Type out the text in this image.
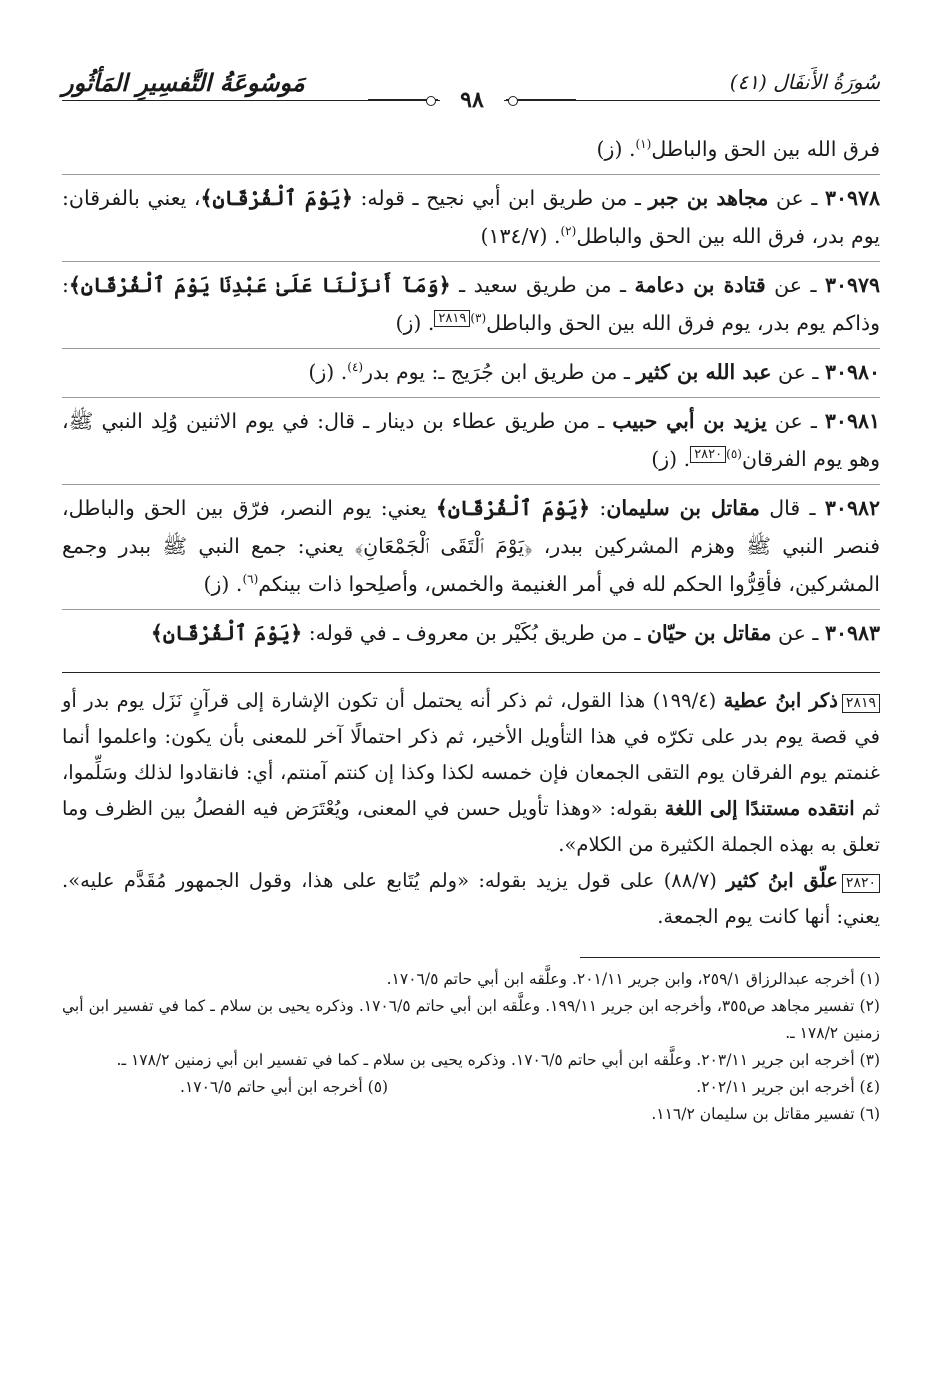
سُورَةُ الأَنفَال (٤١)
مَوسُوعَةُ التَّفسِيرِ المَأثُور
٩٨
فرق الله بين الحق والباطل$^{(١)}$. (ز)
٣٠٩٧٨ ـ عن مجاهد بن جبر ـ من طريق ابن أبي نجيح ـ قوله: ﴿يَوْمَ ٱلْفُرْقَانِ﴾، يعني بالفرقان: يوم بدر، فرق الله بين الحق والباطل$^{(٢)}$. (١٣٤/٧)
٣٠٩٧٩ ـ عن قتادة بن دعامة ـ من طريق سعيد ـ ﴿وَمَآ أَنزَلْنَا عَلَىٰ عَبْدِنَا يَوْمَ ٱلْفُرْقَانِ﴾: وذاكم يوم بدر، يوم فرق الله بين الحق والباطل$^{(٣)}$٢٨١٩. (ز)
٣٠٩٨٠ ـ عن عبد الله بن كثير ـ من طريق ابن جُرَيج ـ: يوم بدر$^{(٤)}$. (ز)
٣٠٩٨١ ـ عن يزيد بن أبي حبيب ـ من طريق عطاء بن دينار ـ قال: في يوم الاثنين وُلِد النبي ﷺ، وهو يوم الفرقان$^{(٥)}$٢٨٢٠. (ز)
٣٠٩٨٢ ـ قال مقاتل بن سليمان: ﴿يَوْمَ ٱلْفُرْقَانِ﴾ يعني: يوم النصر، فرّق بين الحق والباطل، فنصر النبي ﷺ وهزم المشركين ببدر، ﴿يَوْمَ ٱلْتَقَى ٱلْجَمْعَانِ﴾ يعني: جمع النبي ﷺ ببدر وجمع المشركين، فأقِرُّوا الحكم لله في أمر الغنيمة والخمس، وأصلِحوا ذات بينكم$^{(٦)}$. (ز)
٣٠٩٨٣ ـ عن مقاتل بن حيّان ـ من طريق بُكَيْر بن معروف ـ في قوله: ﴿يَوْمَ ٱلْفُرْقَانِ﴾
٢٨١٩ذكر ابنُ عطية (١٩٩/٤) هذا القول، ثم ذكر أنه يحتمل أن تكون الإشارة إلى قرآنٍ نَزَل يوم بدر أو في قصة يوم بدر على تكرّه في هذا التأويل الأخير، ثم ذكر احتمالًا آخر للمعنى بأن يكون: واعلموا أنما غنمتم يوم الفرقان يوم التقى الجمعان فإن خمسه لكذا وكذا إن كنتم آمنتم، أي: فانقادوا لذلك وسَلِّموا، ثم انتقده مستندًا إلى اللغة بقوله: «وهذا تأويل حسن في المعنى، ويُعْتَرَض فيه الفصلُ بين الظرف وما تعلق به بهذه الجملة الكثيرة من الكلام».
٢٨٢٠علّق ابنُ كثير (٨٨/٧) على قول يزيد بقوله: «ولم يُتَابع على هذا، وقول الجمهور مُقَدَّم عليه». يعني: أنها كانت يوم الجمعة.
(١) أخرجه عبدالرزاق ٢٥٩/١، وابن جرير ٢٠١/١١. وعلَّقه ابن أبي حاتم ١٧٠٦/٥.
(٢) تفسير مجاهد ص٣٥٥، وأخرجه ابن جرير ١٩٩/١١. وعلَّقه ابن أبي حاتم ١٧٠٦/٥. وذكره يحيى بن سلام ـ كما في تفسير ابن أبي زمنين ١٧٨/٢ ـ.
(٣) أخرجه ابن جرير ٢٠٣/١١. وعلَّقه ابن أبي حاتم ١٧٠٦/٥. وذكره يحيى بن سلام ـ كما في تفسير ابن أبي زمنين ١٧٨/٢ ـ.
(٤) أخرجه ابن جرير ٢٠٢/١١.
(٥) أخرجه ابن أبي حاتم ١٧٠٦/٥.
(٦) تفسير مقاتل بن سليمان ١١٦/٢.
